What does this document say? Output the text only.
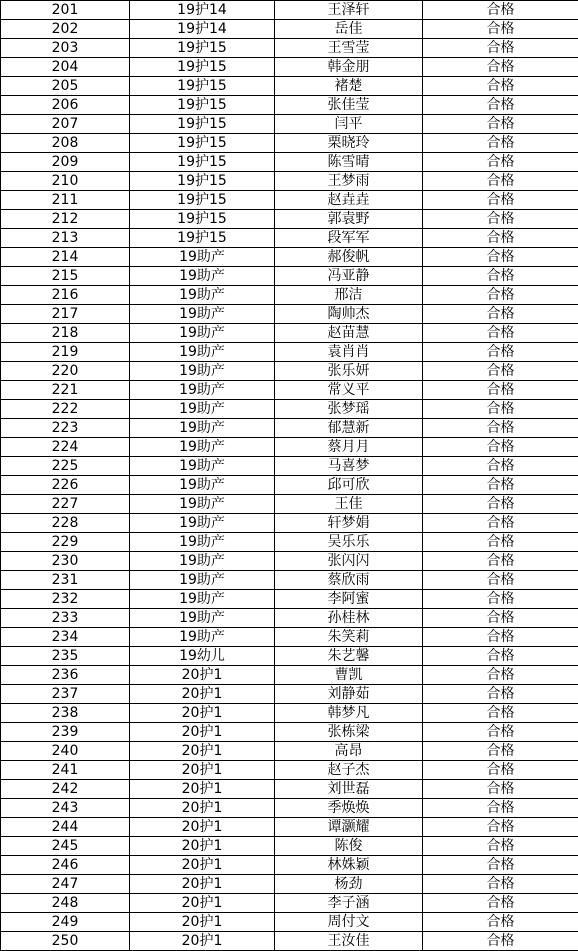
201	19护14	王泽轩	合格
202	19护14	岳佳	合格
203	19护15	王雪莹	合格
204	19护15	韩金朋	合格
205	19护15	褚楚	合格
206	19护15	张佳莹	合格
207	19护15	闫平	合格
208	19护15	栗晓玲	合格
209	19护15	陈雪晴	合格
210	19护15	王梦雨	合格
211	19护15	赵垚垚	合格
212	19护15	郭袁野	合格
213	19护15	段军军	合格
214	19助产	郝俊帆	合格
215	19助产	冯亚静	合格
216	19助产	邢洁	合格
217	19助产	陶帅杰	合格
218	19助产	赵苗慧	合格
219	19助产	袁肖肖	合格
220	19助产	张乐妍	合格
221	19助产	常义平	合格
222	19助产	张梦瑶	合格
223	19助产	郁慧新	合格
224	19助产	蔡月月	合格
225	19助产	马喜梦	合格
226	19助产	邱可欣	合格
227	19助产	王佳	合格
228	19助产	轩梦娟	合格
229	19助产	吴乐乐	合格
230	19助产	张闪闪	合格
231	19助产	蔡欣雨	合格
232	19助产	李阿蜜	合格
233	19助产	孙桂林	合格
234	19助产	朱笑莉	合格
235	19幼儿	朱艺馨	合格
236	20护1	曹凯	合格
237	20护1	刘静茹	合格
238	20护1	韩梦凡	合格
239	20护1	张栋梁	合格
240	20护1	高昂	合格
241	20护1	赵子杰	合格
242	20护1	刘世磊	合格
243	20护1	季焕焕	合格
244	20护1	谭灏耀	合格
245	20护1	陈俊	合格
246	20护1	林姝颖	合格
247	20护1	杨劲	合格
248	20护1	李子涵	合格
249	20护1	周付文	合格
250	20护1	王汝佳	合格
